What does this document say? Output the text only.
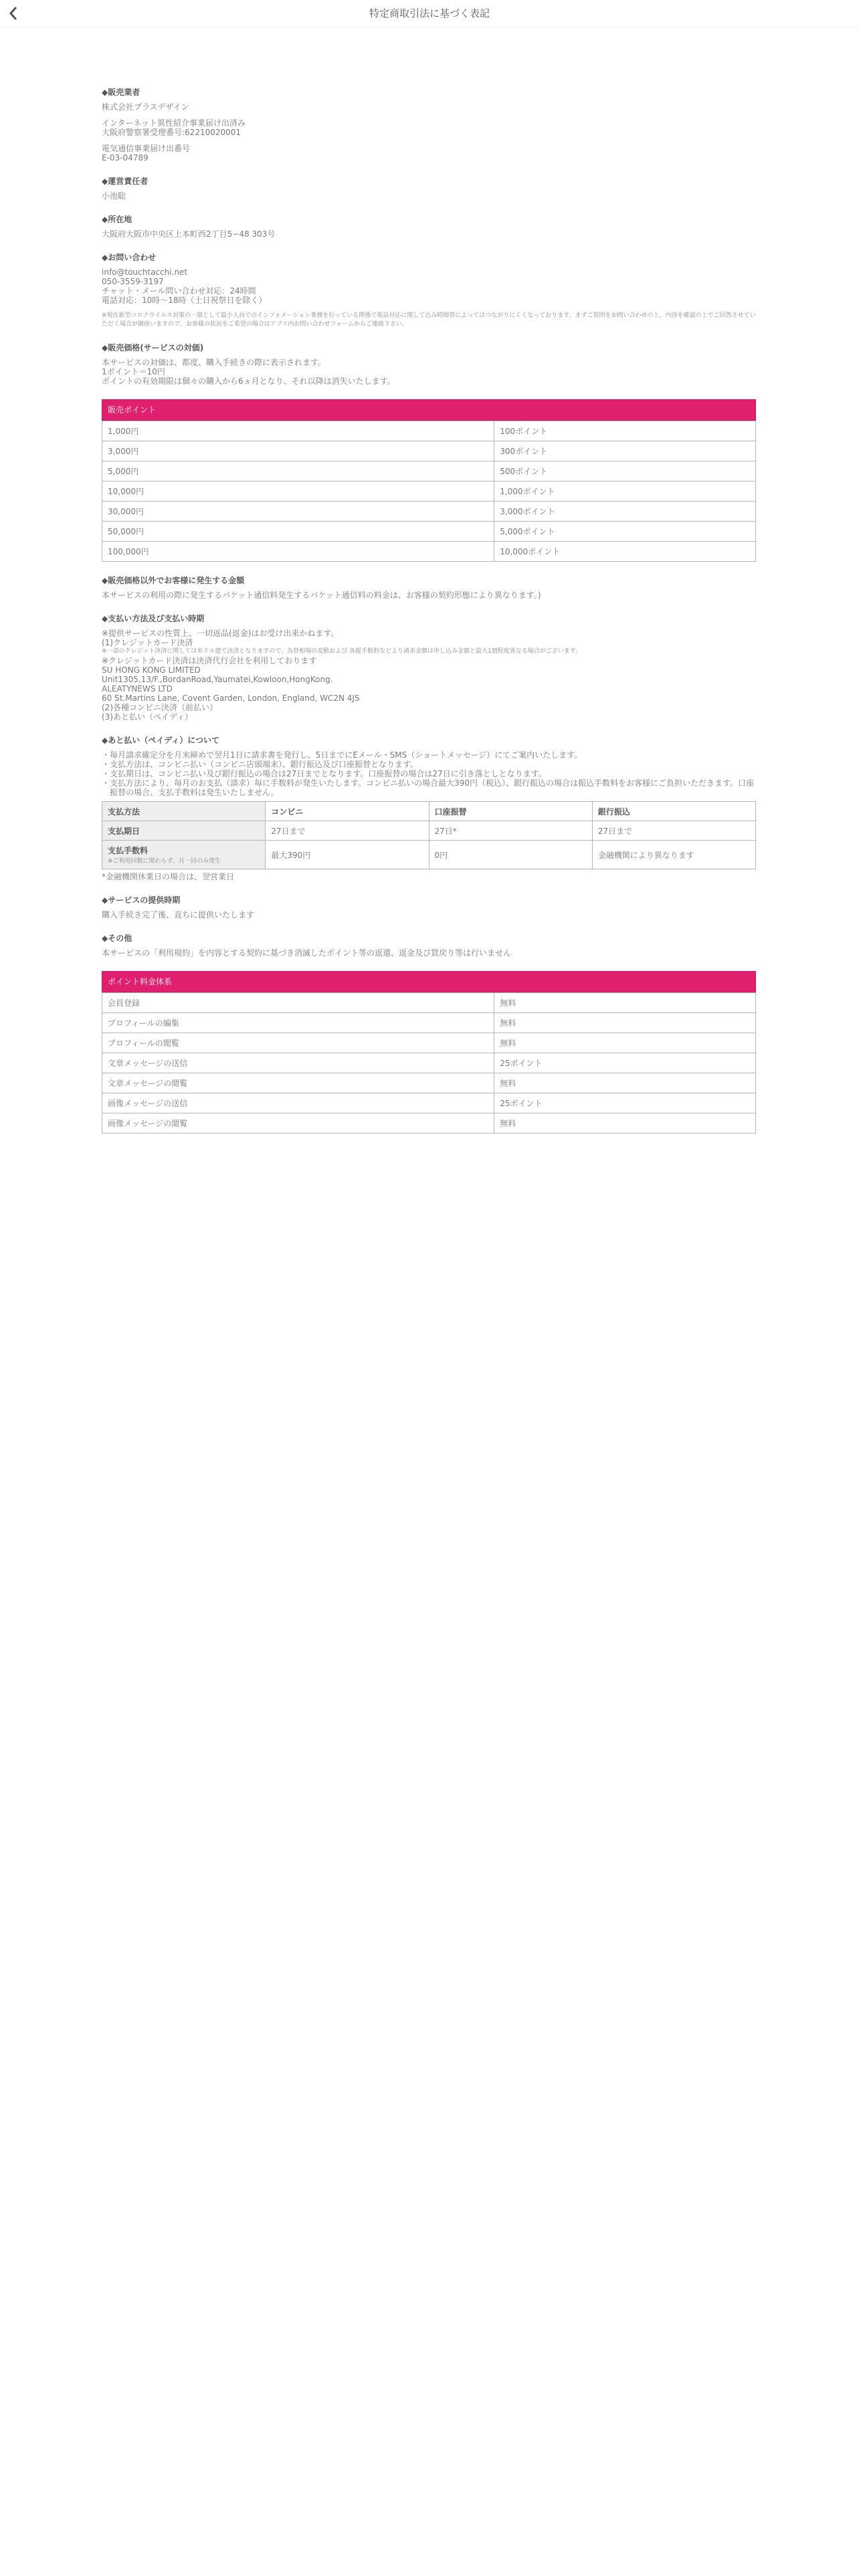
特定商取引法に基づく表記
◆販売業者
株式会社プラスデザイン
インターネット異性紹介事業届け出済み
大阪府警察署受理番号:62210020001
電気通信事業届け出番号
E-03-04789
◆運営責任者
小池聡
◆所在地
大阪府大阪市中央区上本町西2丁目5−48 303号
◆お問い合わせ
info@touchtacchi.net
050-3559-3197
チャット・メール問い合わせ対応：24時間
電話対応：10時〜18時（土日祝祭日を除く）
※現在新型コロナウイルス対策の一環として最小人員でのインフォメーション業務を行っている関係で電話対応に関して込み時間帯によってはつながりにくくなっております。まずご質問をお問い合わせの上、内容を確認の上でご回答させていただく場合が御座いますので、お客様の状況をご希望の場合はアプリ内お問い合わせフォームからご連絡下さい。
◆販売価格(サービスの対価)
本サービスの対価は、都度、購入手続きの際に表示されます。
1ポイント＝10円
ポイントの有効期限は個々の購入から6ヵ月となり、それ以降は消失いたします。
販売ポイント
1,000円	100ポイント
3,000円	300ポイント
5,000円	500ポイント
10,000円	1,000ポイント
30,000円	3,000ポイント
50,000円	5,000ポイント
100,000円	10,000ポイント
◆販売価格以外でお客様に発生する金額
本サービスの利用の際に発生するパケット通信料発生するパケット通信料の料金は、お客様の契約形態により異なります。)
◆支払い方法及び支払い時期
※提供サービスの性質上、一切返品(返金)はお受け出来かねます。
(1)クレジットカード決済
※一部のクレジット決済に関しては米ドル建て決済となりますので、為替相場の変動および 各提手数料などより請求金額は申し込み金額と最大1割程度異なる場合がございます。
※クレジットカード決済は決済代行会社を利用しております
SU HONG KONG LIMITED
Unit1305,13/F.,BordanRoad,Yaumatei,Kowloon,HongKong.
ALEATYNEWS LTD
60 St.Martins Lane, Covent Garden, London, England, WC2N 4JS
(2)各種コンビニ決済（前払い）
(3)あと払い（ペイディ）
◆あと払い（ペイディ）について
・毎月請求確定分を月末締めで翌月1日に請求書を発行し、5日までにEメール・SMS（ショートメッセージ）にてご案内いたします。
・支払方法は、コンビニ払い（コンビニ店頭端末）、銀行振込及び口座振替となります。
・支払期日は、コンビニ払い及び銀行振込の場合は27日までとなります。口座振替の場合は27日に引き落としとなります。
・支払方法により、毎月のお支払（請求）毎に手数料が発生いたします。コンビニ払いの場合最大390円（税込）、銀行振込の場合は振込手数料をお客様にご負担いただきます。口座振替の場合、支払手数料は発生いたしません。
支払方法	コンビニ	口座振替	銀行振込
支払期日	27日まで	27日*	27日まで
支払手数料
※ご利用回数に関わらず、月一回のみ発生	最大390円	0円	金融機関により異なります
*金融機関休業日の場合は、翌営業日
◆サービスの提供時期
購入手続き完了後、直ちに提供いたします
◆その他
本サービスの「利用規約」を内容とする契約に基づき消滅したポイント等の返還、返金及び買戻り等は行いません
ポイント料金体系
会員登録	無料
プロフィールの編集	無料
プロフィールの閲覧	無料
文章メッセージの送信	25ポイント
文章メッセージの閲覧	無料
画像メッセージの送信	25ポイント
画像メッセージの閲覧	無料
